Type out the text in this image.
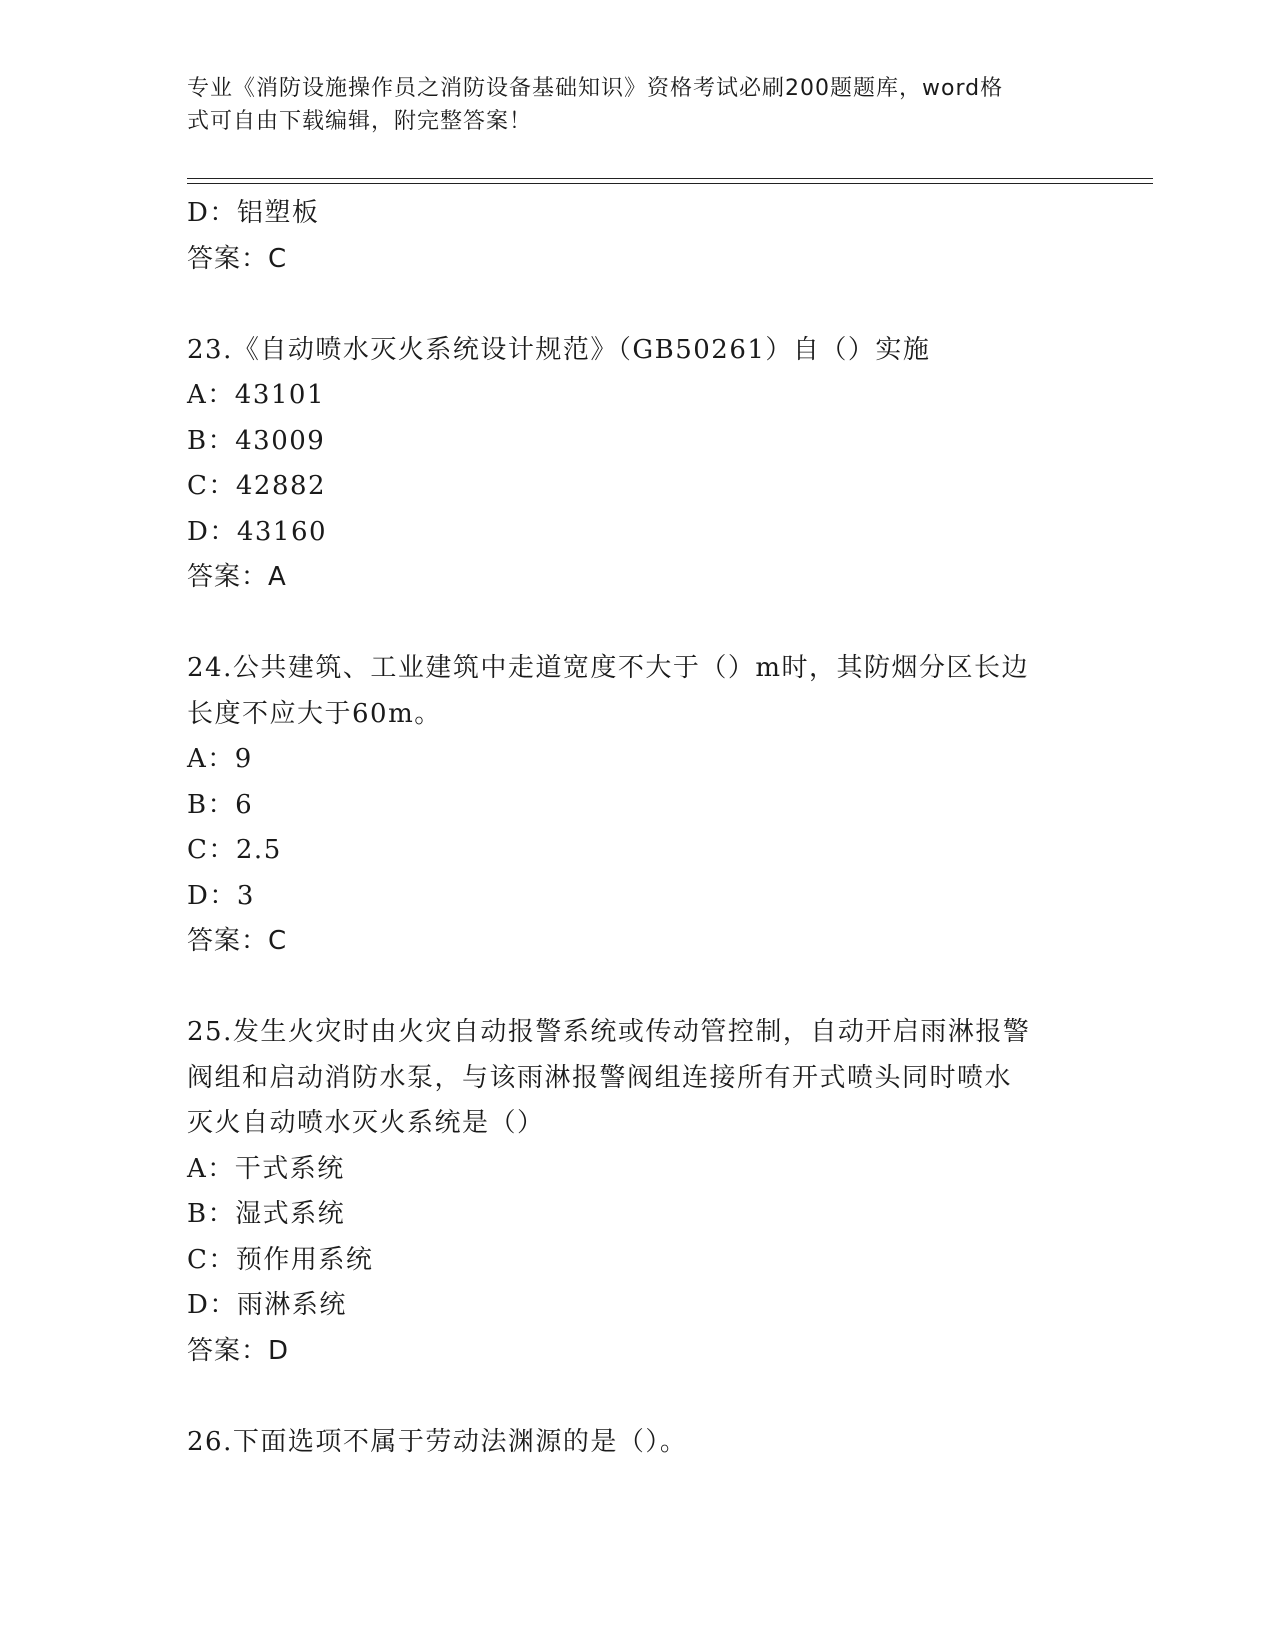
专业《消防设施操作员之消防设备基础知识》资格考试必刷200题题库，word格
式可自由下载编辑，附完整答案！
D：铝塑板
答案：C
23.《自动喷水灭火系统设计规范》（GB50261）自（）实施
A：43101
B：43009
C：42882
D：43160
答案：A
24.公共建筑、工业建筑中走道宽度不大于（）m时，其防烟分区长边
长度不应大于60m。
A：9
B：6
C：2.5
D：3
答案：C
25.发生火灾时由火灾自动报警系统或传动管控制，自动开启雨淋报警
阀组和启动消防水泵，与该雨淋报警阀组连接所有开式喷头同时喷水
灭火自动喷水灭火系统是（）
A：干式系统
B：湿式系统
C：预作用系统
D：雨淋系统
答案：D
26.下面选项不属于劳动法渊源的是（）。
